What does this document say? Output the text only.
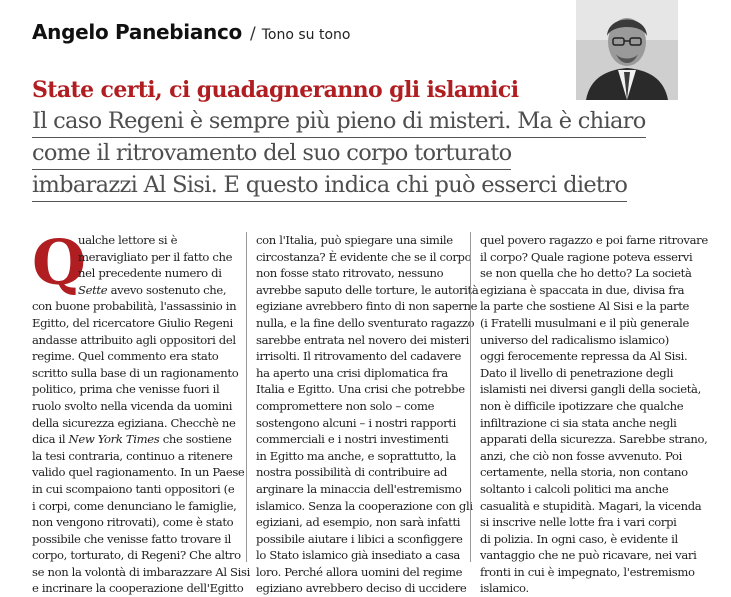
Angelo Panebianco / Tono su tono
State certi, ci guadagneranno gli islamici
Il caso Regeni è sempre più pieno di misteri. Ma è chiaro
come il ritrovamento del suo corpo torturato
imbarazzi Al Sisi. E questo indica chi può esserci dietro
Q
ualche lettore si è
meravigliato per il fatto che
nel precedente numero di
Sette avevo sostenuto che,
con buone probabilità, l'assassinio in
Egitto, del ricercatore Giulio Regeni
andasse attribuito agli oppositori del
regime. Quel commento era stato
scritto sulla base di un ragionamento
politico, prima che venisse fuori il
ruolo svolto nella vicenda da uomini
della sicurezza egiziana. Checchè ne
dica il New York Times che sostiene
la tesi contraria, continuo a ritenere
valido quel ragionamento. In un Paese
in cui scompaiono tanti oppositori (e
i corpi, come denunciano le famiglie,
non vengono ritrovati), come è stato
possibile che venisse fatto trovare il
corpo, torturato, di Regeni? Che altro
se non la volontà di imbarazzare Al Sisi
e incrinare la cooperazione dell'Egitto
con l'Italia, può spiegare una simile
circostanza? È evidente che se il corpo
non fosse stato ritrovato, nessuno
avrebbe saputo delle torture, le autorità
egiziane avrebbero finto di non saperne
nulla, e la fine dello sventurato ragazzo
sarebbe entrata nel novero dei misteri
irrisolti. Il ritrovamento del cadavere
ha aperto una crisi diplomatica fra
Italia e Egitto. Una crisi che potrebbe
compromettere non solo – come
sostengono alcuni – i nostri rapporti
commerciali e i nostri investimenti
in Egitto ma anche, e soprattutto, la
nostra possibilità di contribuire ad
arginare la minaccia dell'estremismo
islamico. Senza la cooperazione con gli
egiziani, ad esempio, non sarà infatti
possibile aiutare i libici a sconfiggere
lo Stato islamico già insediato a casa
loro. Perché allora uomini del regime
egiziano avrebbero deciso di uccidere
quel povero ragazzo e poi farne ritrovare
il corpo? Quale ragione poteva esservi
se non quella che ho detto? La società
egiziana è spaccata in due, divisa fra
la parte che sostiene Al Sisi e la parte
(i Fratelli musulmani e il più generale
universo del radicalismo islamico)
oggi ferocemente repressa da Al Sisi.
Dato il livello di penetrazione degli
islamisti nei diversi gangli della società,
non è difficile ipotizzare che qualche
infiltrazione ci sia stata anche negli
apparati della sicurezza. Sarebbe strano,
anzi, che ciò non fosse avvenuto. Poi
certamente, nella storia, non contano
soltanto i calcoli politici ma anche
casualità e stupidità. Magari, la vicenda
si inscrive nelle lotte fra i vari corpi
di polizia. In ogni caso, è evidente il
vantaggio che ne può ricavare, nei vari
fronti in cui è impegnato, l'estremismo
islamico.
